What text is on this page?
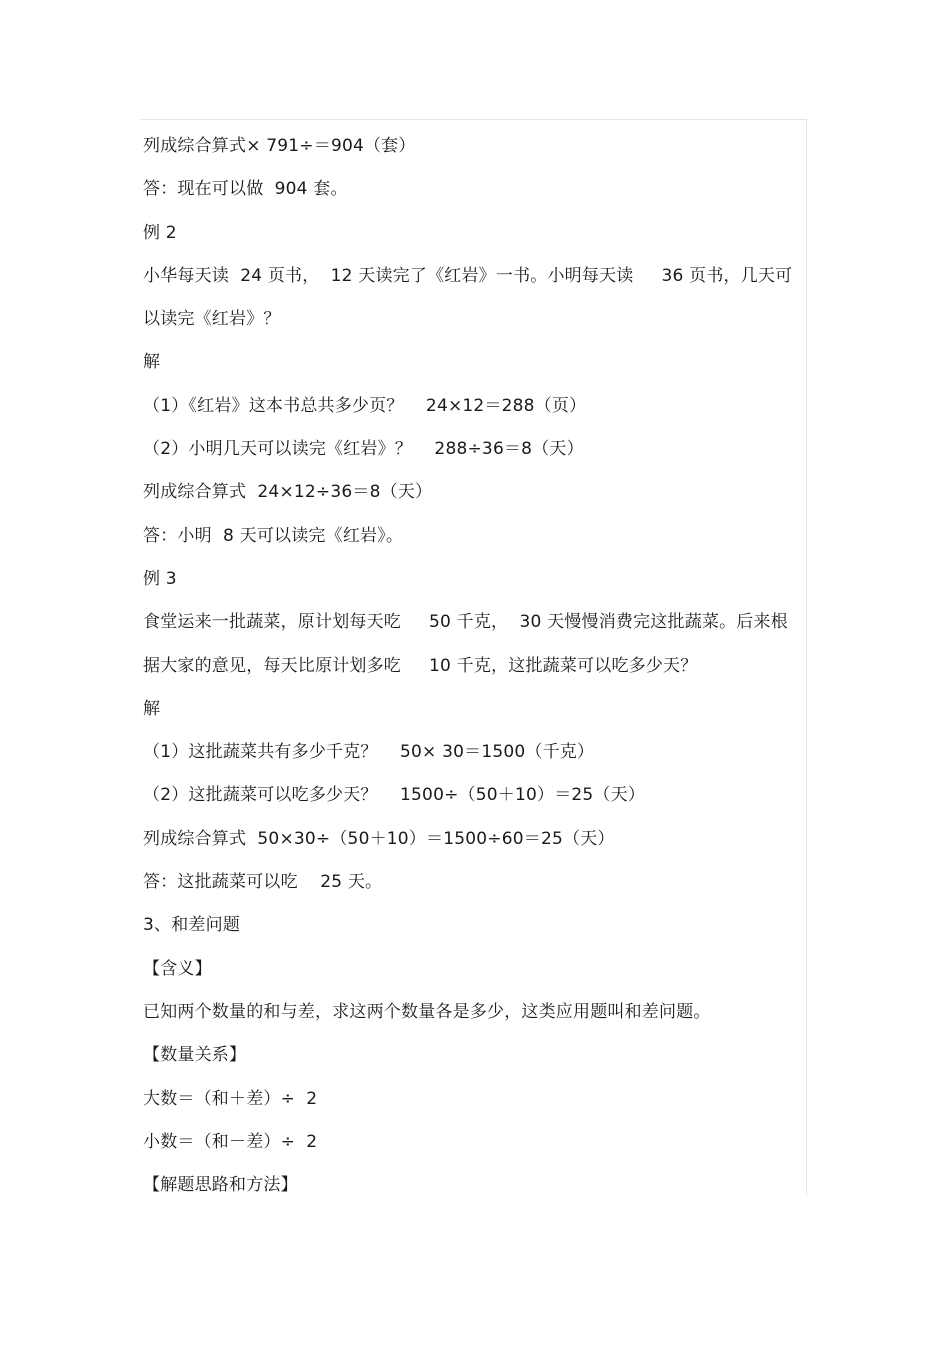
列成综合算式× 791÷＝904（套）
答：现在可以做  904 套。
例 2
小华每天读  24 页书，  12 天读完了《红岩》一书。小明每天读     36 页书，几天可
以读完《红岩》？
解
（1）《红岩》这本书总共多少页？    24×12＝288（页）
（2）小明几天可以读完《红岩》？    288÷36＝8（天）
列成综合算式  24×12÷36＝8（天）
答：小明  8 天可以读完《红岩》。
例 3
食堂运来一批蔬菜，原计划每天吃     50 千克，  30 天慢慢消费完这批蔬菜。后来根
据大家的意见，每天比原计划多吃     10 千克，这批蔬菜可以吃多少天？
解
（1）这批蔬菜共有多少千克？    50× 30＝1500（千克）
（2）这批蔬菜可以吃多少天？    1500÷（50＋10）＝25（天）
列成综合算式  50×30÷（50＋10）＝1500÷60＝25（天）
答：这批蔬菜可以吃    25 天。
3、和差问题
【含义】
已知两个数量的和与差，求这两个数量各是多少，这类应用题叫和差问题。
【数量关系】
大数＝（和＋差）÷  2
小数＝（和－差）÷  2
【解题思路和方法】
